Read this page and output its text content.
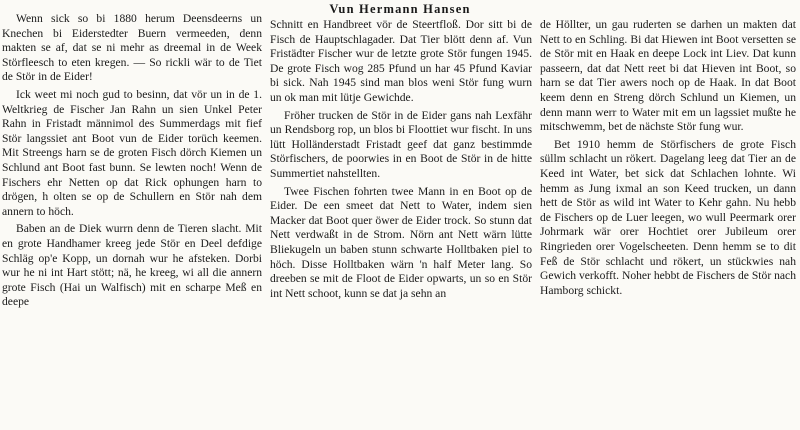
Vun Hermann Hansen

Wenn sick so bi 1880 herum Deensdeerns un Knechen bi Eiderstedter Buern vermeeden, denn makten se af, dat se ni mehr as dreemal in de Week Störfleesch to eten kregen. — So rickli wär to de Tiet de Stör in de Eider!

Ick weet mi noch gud to besinn, dat vör un in de 1. Weltkrieg de Fischer Jan Rahn un sien Unkel Peter Rahn in Fristadt männimol des Summerdags mit fief Stör langssiet ant Boot vun de Eider torüch keemen. Mit Streengs harn se de groten Fisch dörch Kiemen un Schlund ant Boot fast bunn. Se lewten noch! Wenn de Fischers ehr Netten op dat Rick ophungen harn to drögen, h olten se op de Schullern en Stör nah dem annern to höch.

Baben an de Diek wurrn denn de Tieren slacht. Mit en grote Handhamer kreeg jede Stör en Deel defdige Schläg op'e Kopp, un dornah wur he afsteken. Dorbi wur he ni int Hart stött; nä, he kreeg, wi all die annern grote Fisch (Hai un Walfisch) mit en scharpe Meß en deepe

Schnitt en Handbreet vör de Steertfloß. Dor sitt bi de Fisch de Hauptschlagader. Dat Tier blött denn af. Vun Fristädter Fischer wur de letzte grote Stör fungen 1945. De grote Fisch wog 285 Pfund un har 45 Pfund Kaviar bi sick. Nah 1945 sind man blos weni Stör fung wurn un ok man mit lütje Gewichde.

Fröher trucken de Stör in de Eider gans nah Lexfähr un Rendsborg rop, un blos bi Floottiet wur fischt. In uns lütt Holländerstadt Fristadt geef dat ganz bestimmde Störfischers, de poorwies in en Boot de Stör in de hitte Summertiet nahstellten.

Twee Fischen fohrten twee Mann in en Boot op de Eider. De een smeet dat Nett to Water, indem sien Macker dat Boot quer öwer de Eider trock. So stunn dat Nett verdwaßt in de Strom. Nörn ant Nett wärn lütte Bliekugeln un baben stunn schwarte Holltbaken piel to höch. Disse Holltbaken wärn 'n half Meter lang. So dreeben se mit de Floot de Eider opwarts, un so en Stör int Nett schoot, kunn se dat ja sehn an

de Höllter, un gau ruderten se darhen un makten dat Nett to en Schling. Bi dat Hiewen int Boot versetten se de Stör mit en Haak en deepe Lock int Liev. Dat kunn passeern, dat dat Nett reet bi dat Hieven int Boot, so harn se dat Tier awers noch op de Haak. In dat Boot keem denn en Streng dörch Schlund un Kiemen, un denn mann werr to Water mit em un lagssiet mußte he mitschwemm, bet de nächste Stör fung wur.

Bet 1910 hemm de Störfischers de grote Fisch süllm schlacht un rökert. Dagelang leeg dat Tier an de Keed int Water, bet sick dat Schlachen lohnte. Wi hemm as Jung ixmal an son Keed trucken, un dann hett de Stör as wild int Water to Kehr gahn. Nu hebb de Fischers op de Luer leegen, wo wull Peermark orer Johrmark wär orer Hochtiet orer Jubileum orer Ringrieden orer Vogelscheeten. Denn hemm se to dit Feß de Stör schlacht und rökert, un stückwies nah Gewich verkofft. Noher hebbt de Fischers de Stör nach Hamborg schickt.
